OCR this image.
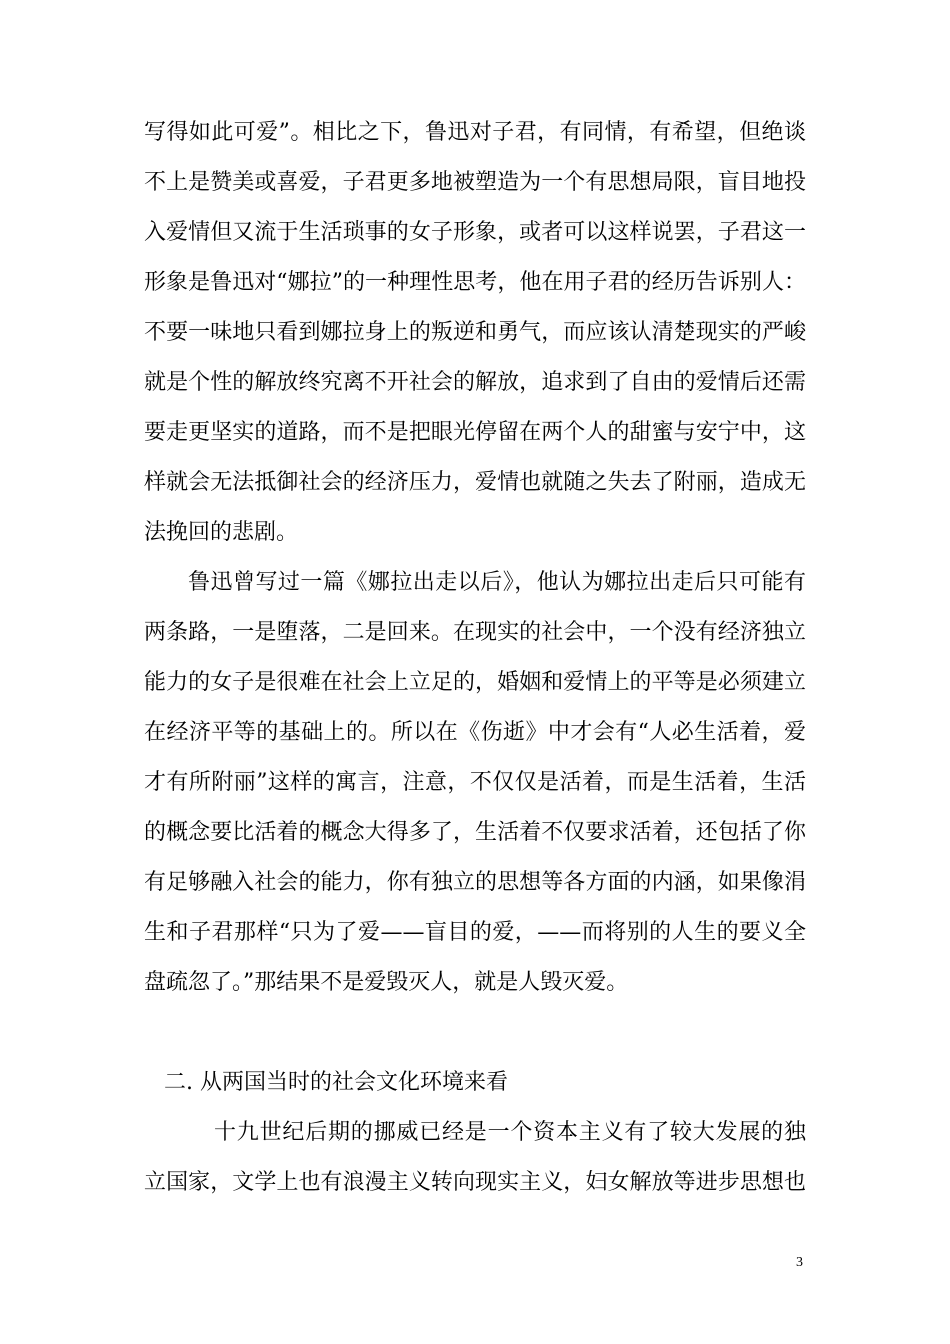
写得如此可爱”。相比之下，鲁迅对子君，有同情，有希望，但绝谈
不上是赞美或喜爱，子君更多地被塑造为一个有思想局限，盲目地投
入爱情但又流于生活琐事的女子形象，或者可以这样说罢，子君这一
形象是鲁迅对“娜拉”的一种理性思考，他在用子君的经历告诉别人：
不要一味地只看到娜拉身上的叛逆和勇气，而应该认清楚现实的严峻
就是个性的解放终究离不开社会的解放，追求到了自由的爱情后还需
要走更坚实的道路，而不是把眼光停留在两个人的甜蜜与安宁中，这
样就会无法抵御社会的经济压力，爱情也就随之失去了附丽，造成无
法挽回的悲剧。
鲁迅曾写过一篇《娜拉出走以后》，他认为娜拉出走后只可能有
两条路，一是堕落，二是回来。在现实的社会中，一个没有经济独立
能力的女子是很难在社会上立足的，婚姻和爱情上的平等是必须建立
在经济平等的基础上的。所以在《伤逝》中才会有“人必生活着，爱
才有所附丽”这样的寓言，注意，不仅仅是活着，而是生活着，生活
的概念要比活着的概念大得多了，生活着不仅要求活着，还包括了你
有足够融入社会的能力，你有独立的思想等各方面的内涵，如果像涓
生和子君那样“只为了爱——盲目的爱，——而将别的人生的要义全
盘疏忽了。”那结果不是爱毁灭人，就是人毁灭爱。
二. 从两国当时的社会文化环境来看
十九世纪后期的挪威已经是一个资本主义有了较大发展的独
立国家，文学上也有浪漫主义转向现实主义，妇女解放等进步思想也
3
